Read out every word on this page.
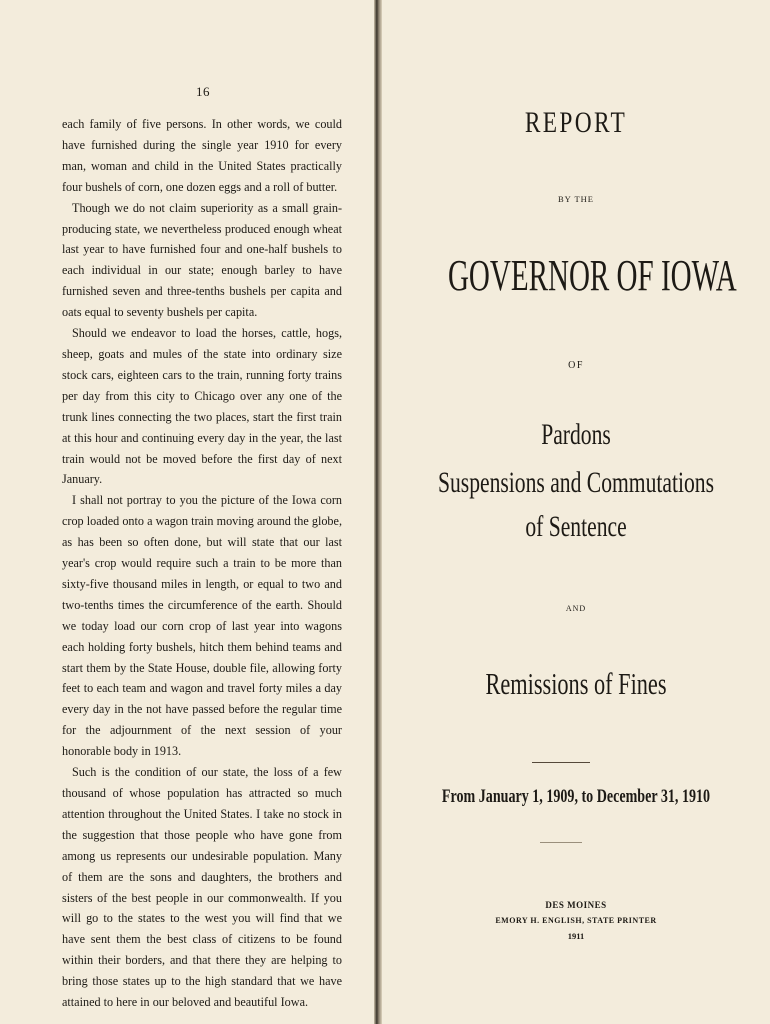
16

each family of five persons. In other words, we could have furnished during the single year 1910 for every man, woman and child in the United States practically four bushels of corn, one dozen eggs and a roll of butter.

Though we do not claim superiority as a small grain-producing state, we nevertheless produced enough wheat last year to have furnished four and one-half bushels to each individual in our state; enough barley to have furnished seven and three-tenths bushels per capita and oats equal to seventy bushels per capita.

Should we endeavor to load the horses, cattle, hogs, sheep, goats and mules of the state into ordinary size stock cars, eighteen cars to the train, running forty trains per day from this city to Chicago over any one of the trunk lines connecting the two places, start the first train at this hour and continuing every day in the year, the last train would not be moved before the first day of next January.

I shall not portray to you the picture of the Iowa corn crop loaded onto a wagon train moving around the globe, as has been so often done, but will state that our last year's crop would require such a train to be more than sixty-five thousand miles in length, or equal to two and two-tenths times the circumference of the earth. Should we today load our corn crop of last year into wagons each holding forty bushels, hitch them behind teams and start them by the State House, double file, allowing forty feet to each team and wagon and travel forty miles a day every day in the not have passed before the regular time for the adjournment of the next session of your honorable body in 1913.

Such is the condition of our state, the loss of a few thousand of whose population has attracted so much attention throughout the United States. I take no stock in the suggestion that those people who have gone from among us represents our undesirable population. Many of them are the sons and daughters, the brothers and sisters of the best people in our commonwealth. If you will go to the states to the west you will find that we have sent them the best class of citizens to be found within their borders, and that there they are helping to bring those states up to the high standard that we have attained to here in our beloved and beautiful Iowa.

REPORT
BY THE
GOVERNOR OF IOWA
OF
Pardons
Suspensions and Commutations
of Sentence
AND
Remissions of Fines
From January 1, 1909, to December 31, 1910
DES MOINES
EMORY H. ENGLISH, STATE PRINTER
1911
